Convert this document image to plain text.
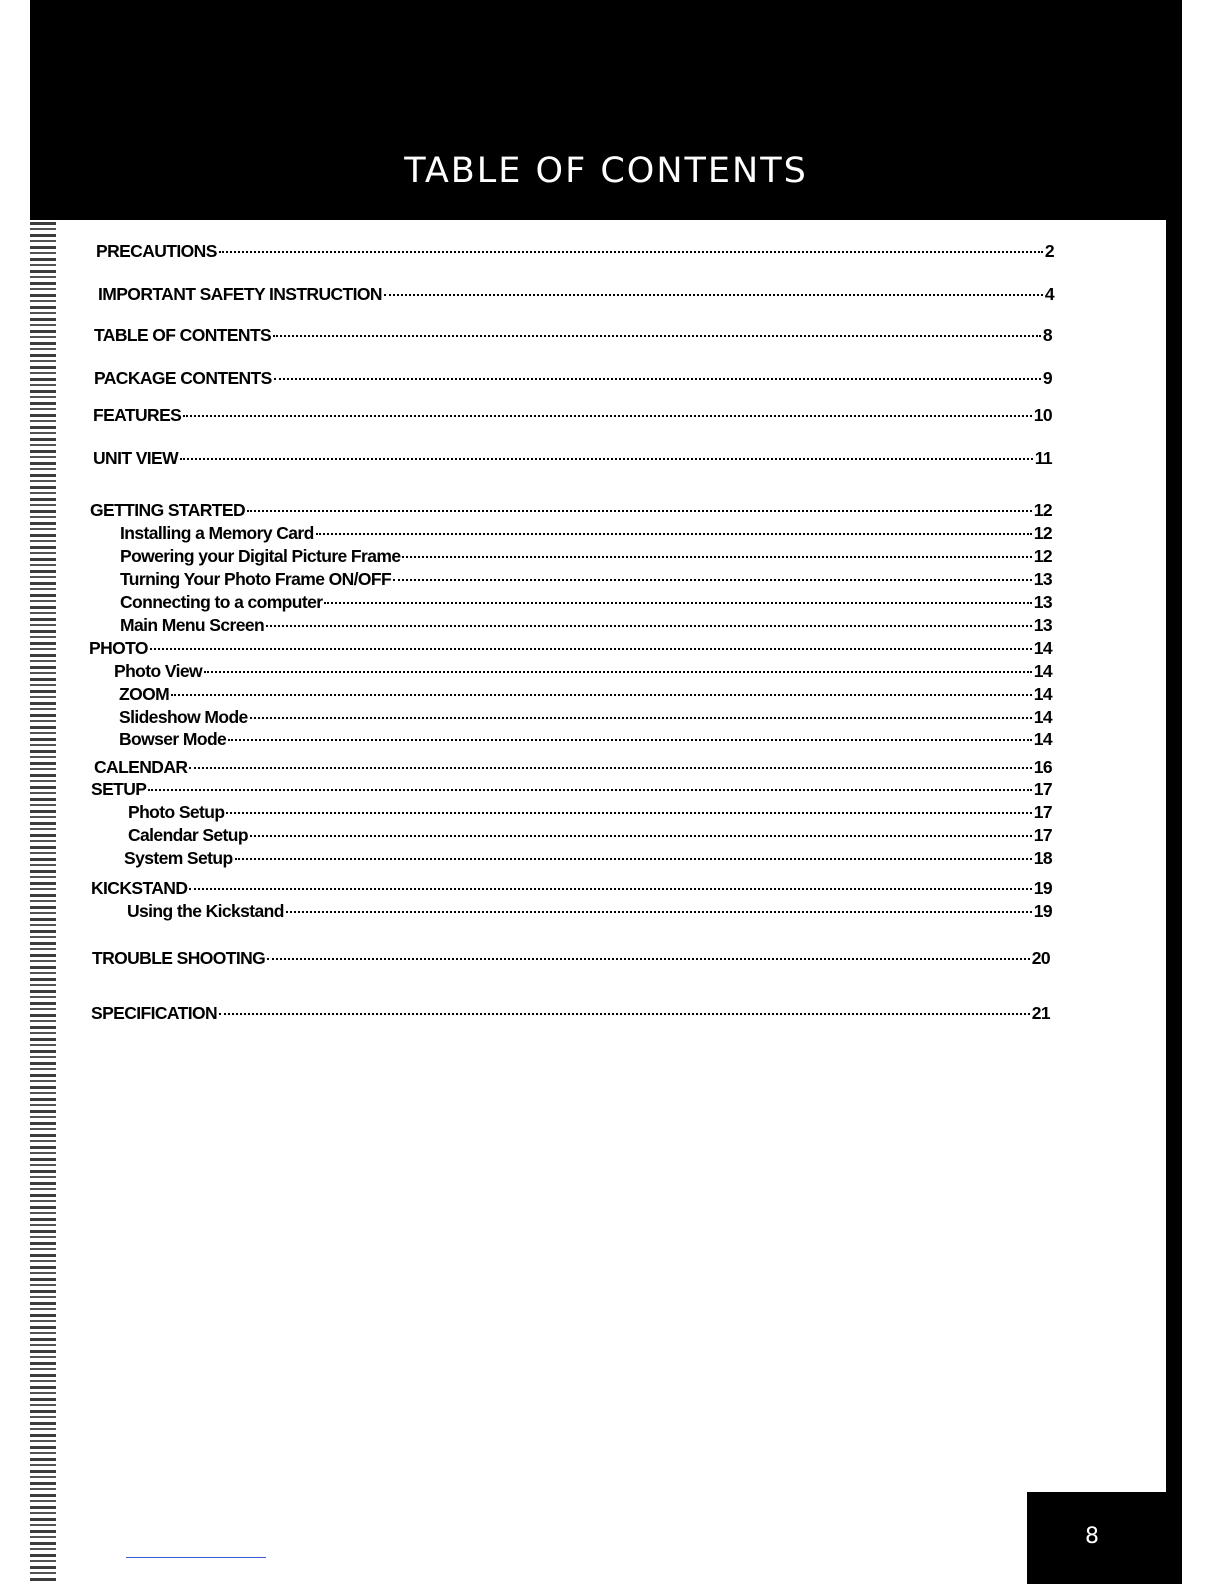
TABLE OF CONTENTS
PRECAUTIONS	2
IMPORTANT SAFETY INSTRUCTION	4
TABLE OF CONTENTS	8
PACKAGE CONTENTS	9
FEATURES	10
UNIT VIEW	11
GETTING STARTED	12
Installing a Memory Card	12
Powering your Digital Picture Frame	12
Turning Your Photo Frame ON/OFF	13
Connecting to a computer	13
Main Menu Screen	13
PHOTO	14
Photo View	14
ZOOM	14
Slideshow Mode	14
Bowser Mode	14
CALENDAR	16
SETUP	17
Photo Setup	17
Calendar Setup	17
System Setup	18
KICKSTAND	19
Using the Kickstand	19
TROUBLE SHOOTING	20
SPECIFICATION	21
8
